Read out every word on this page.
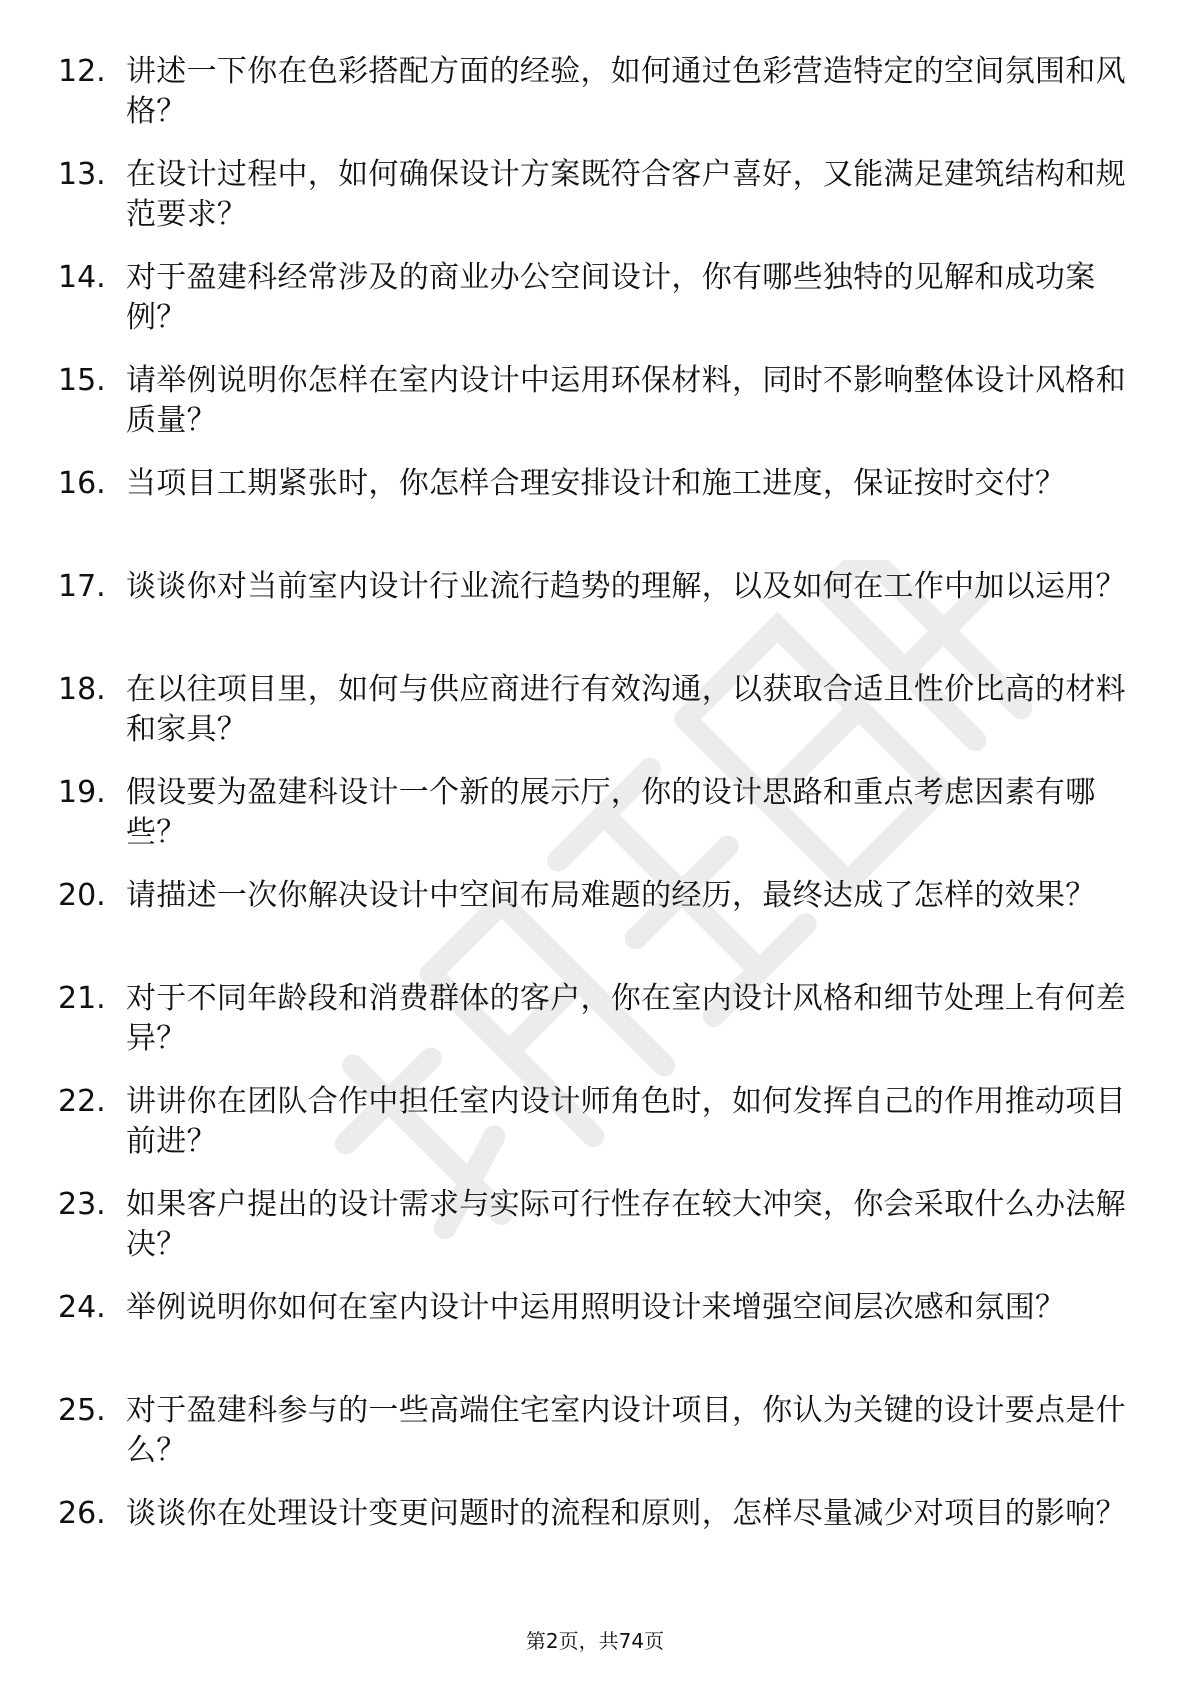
12. 讲述一下你在色彩搭配方面的经验，如何通过色彩营造特定的空间氛围和风格？
13. 在设计过程中，如何确保设计方案既符合客户喜好，又能满足建筑结构和规范要求？
14. 对于盈建科经常涉及的商业办公空间设计，你有哪些独特的见解和成功案例？
15. 请举例说明你怎样在室内设计中运用环保材料，同时不影响整体设计风格和质量？
16. 当项目工期紧张时，你怎样合理安排设计和施工进度，保证按时交付？
17. 谈谈你对当前室内设计行业流行趋势的理解，以及如何在工作中加以运用？
18. 在以往项目里，如何与供应商进行有效沟通，以获取合适且性价比高的材料和家具？
19. 假设要为盈建科设计一个新的展示厅，你的设计思路和重点考虑因素有哪些？
20. 请描述一次你解决设计中空间布局难题的经历，最终达成了怎样的效果？
21. 对于不同年龄段和消费群体的客户，你在室内设计风格和细节处理上有何差异？
22. 讲讲你在团队合作中担任室内设计师角色时，如何发挥自己的作用推动项目前进？
23. 如果客户提出的设计需求与实际可行性存在较大冲突，你会采取什么办法解决？
24. 举例说明你如何在室内设计中运用照明设计来增强空间层次感和氛围？
25. 对于盈建科参与的一些高端住宅室内设计项目，你认为关键的设计要点是什么？
26. 谈谈你在处理设计变更问题时的流程和原则，怎样尽量减少对项目的影响？
第2页，共74页
